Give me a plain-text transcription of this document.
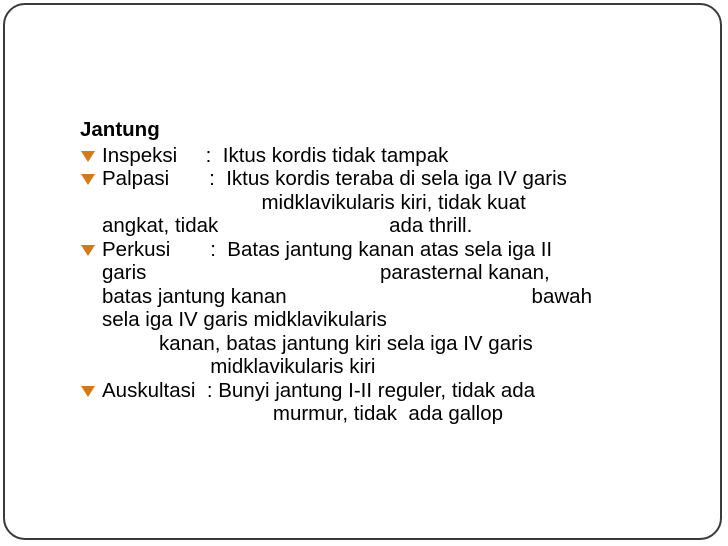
Jantung
Inspeksi     :  Iktus kordis tidak tampak
Palpasi       :  Iktus kordis teraba di sela iga IV garis
midklavikularis kiri, tidak kuat
angkat, tidak                              ada thrill.
Perkusi       :  Batas jantung kanan atas sela iga II
garis                                         parasternal kanan,
batas jantung kanan                                           bawah
sela iga IV garis midklavikularis
kanan, batas jantung kiri sela iga IV garis
midklavikularis kiri
Auskultasi  : Bunyi jantung I-II reguler, tidak ada
murmur, tidak  ada gallop
